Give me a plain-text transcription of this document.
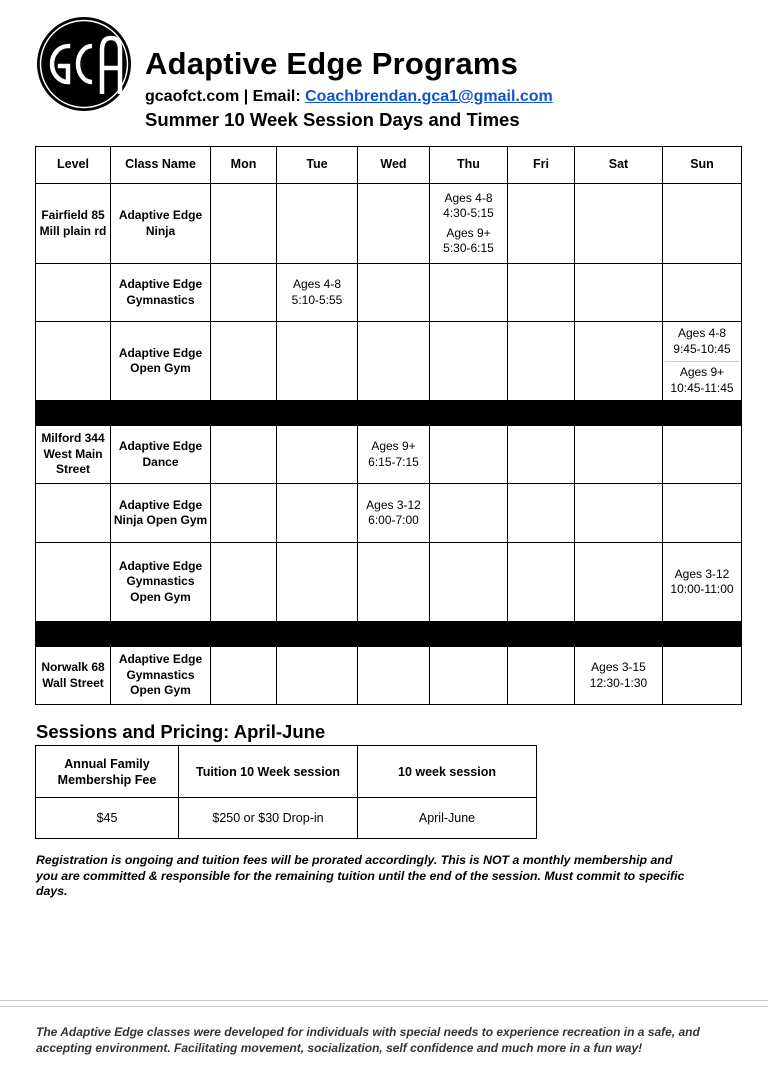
Adaptive Edge Programs
gcaofct.com | Email: Coachbrendan.gca1@gmail.com
Summer 10 Week Session Days and Times
Level	Class Name	Mon	Tue	Wed	Thu	Fri	Sat	Sun
Fairfield 85 Mill plain rd	Adaptive Edge Ninja				Ages 4-8 4:30-5:15
Ages 9+ 5:30-6:15			

	Adaptive Edge Gymnastics		Ages 4-8 5:10-5:55					

	Adaptive Edge Open Gym							Ages 4-8 9:45-10:45
Ages 9+ 10:45-11:45

Milford 344 West Main Street	Adaptive Edge Dance			Ages 9+ 6:15-7:15				

	Adaptive Edge Ninja Open Gym			Ages 3-12 6:00-7:00				

	Adaptive Edge Gymnastics Open Gym							Ages 3-12 10:00-11:00

Norwalk 68 Wall Street	Adaptive Edge Gymnastics Open Gym						Ages 3-15 12:30-1:30	

Sessions and Pricing: April-June
Annual Family Membership Fee	Tuition 10 Week session	10 week session
$45	$250 or $30 Drop-in	April-June
Registration is ongoing and tuition fees will be prorated accordingly. This is NOT a monthly membership and you are committed & responsible for the remaining tuition until the end of the session. Must commit to specific days.
The Adaptive Edge classes were developed for individuals with special needs to experience recreation in a safe, and accepting environment. Facilitating movement, socialization, self confidence and much more in a fun way!
